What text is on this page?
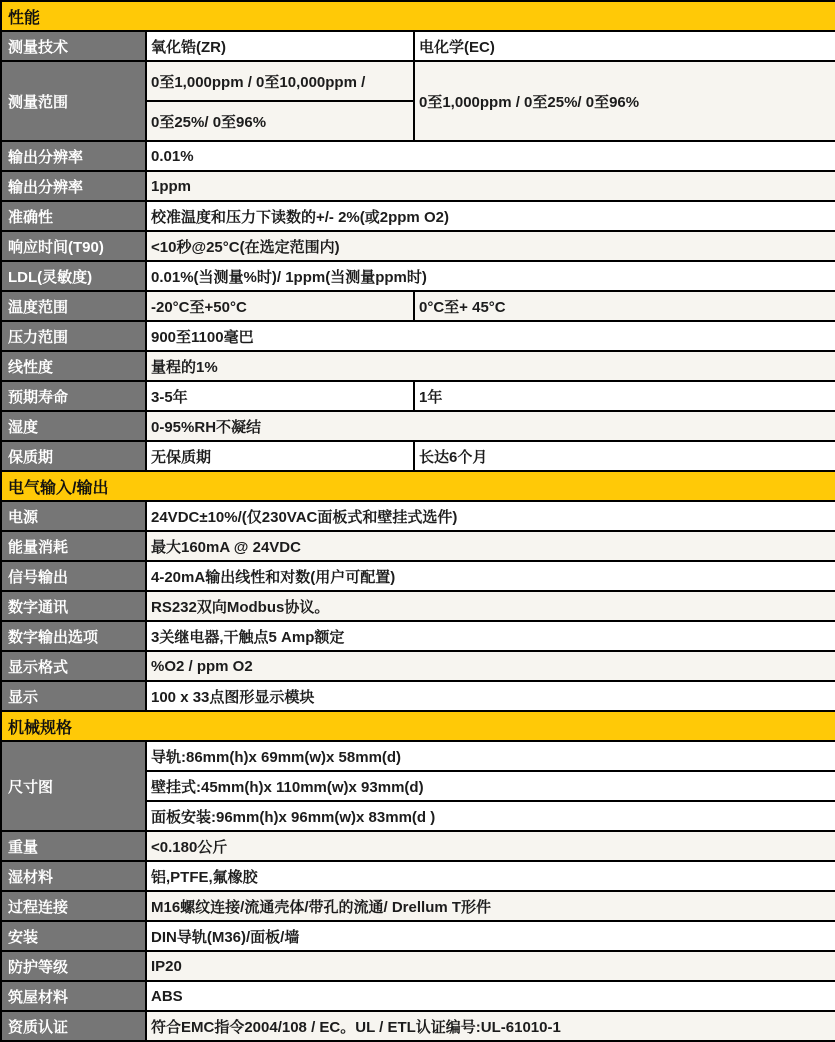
性能		
测量技术	氧化锆(ZR)	电化学(EC)
测量范围	0至1,000ppm / 0至10,000ppm /	0至1,000ppm / 0至25%/ 0至96%
	0至25%/ 0至96%	
输出分辨率	0.01%	
输出分辨率	1ppm	
准确性	校准温度和压力下读数的+/- 2%(或2ppm O2)	
响应时间(T90)	<10秒@25°C(在选定范围内)	
LDL(灵敏度)	0.01%(当测量%时)/ 1ppm(当测量ppm时)	
温度范围	-20°C至+50°C	0°C至+ 45°C
压力范围	900至1100毫巴	
线性度	量程的1%	
预期寿命	3-5年	1年
湿度	0-95%RH不凝结	
保质期	无保质期	长达6个月
电气输入/输出		
电源	24VDC±10%/(仅230VAC面板式和壁挂式选件)	
能量消耗	最大160mA @ 24VDC	
信号输出	4-20mA输出线性和对数(用户可配置)	
数字通讯	RS232双向Modbus协议。	
数字输出选项	3关继电器,干触点5 Amp额定	
显示格式	%O2 / ppm O2	
显示	100 x 33点图形显示模块	
机械规格		
尺寸图	导轨:86mm(h)x 69mm(w)x 58mm(d)	
	壁挂式:45mm(h)x 110mm(w)x 93mm(d)	
	面板安装:96mm(h)x 96mm(w)x 83mm(d )	
重量	<0.180公斤	
湿材料	铝,PTFE,氟橡胶	
过程连接	M16螺纹连接/流通壳体/带孔的流通/ Drellum T形件	
安装	DIN导轨(M36)/面板/墙	
防护等级	IP20	
筑屋材料	ABS	
资质认证	符合EMC指令2004/108 / EC。UL / ETL认证编号:UL-61010-1	
